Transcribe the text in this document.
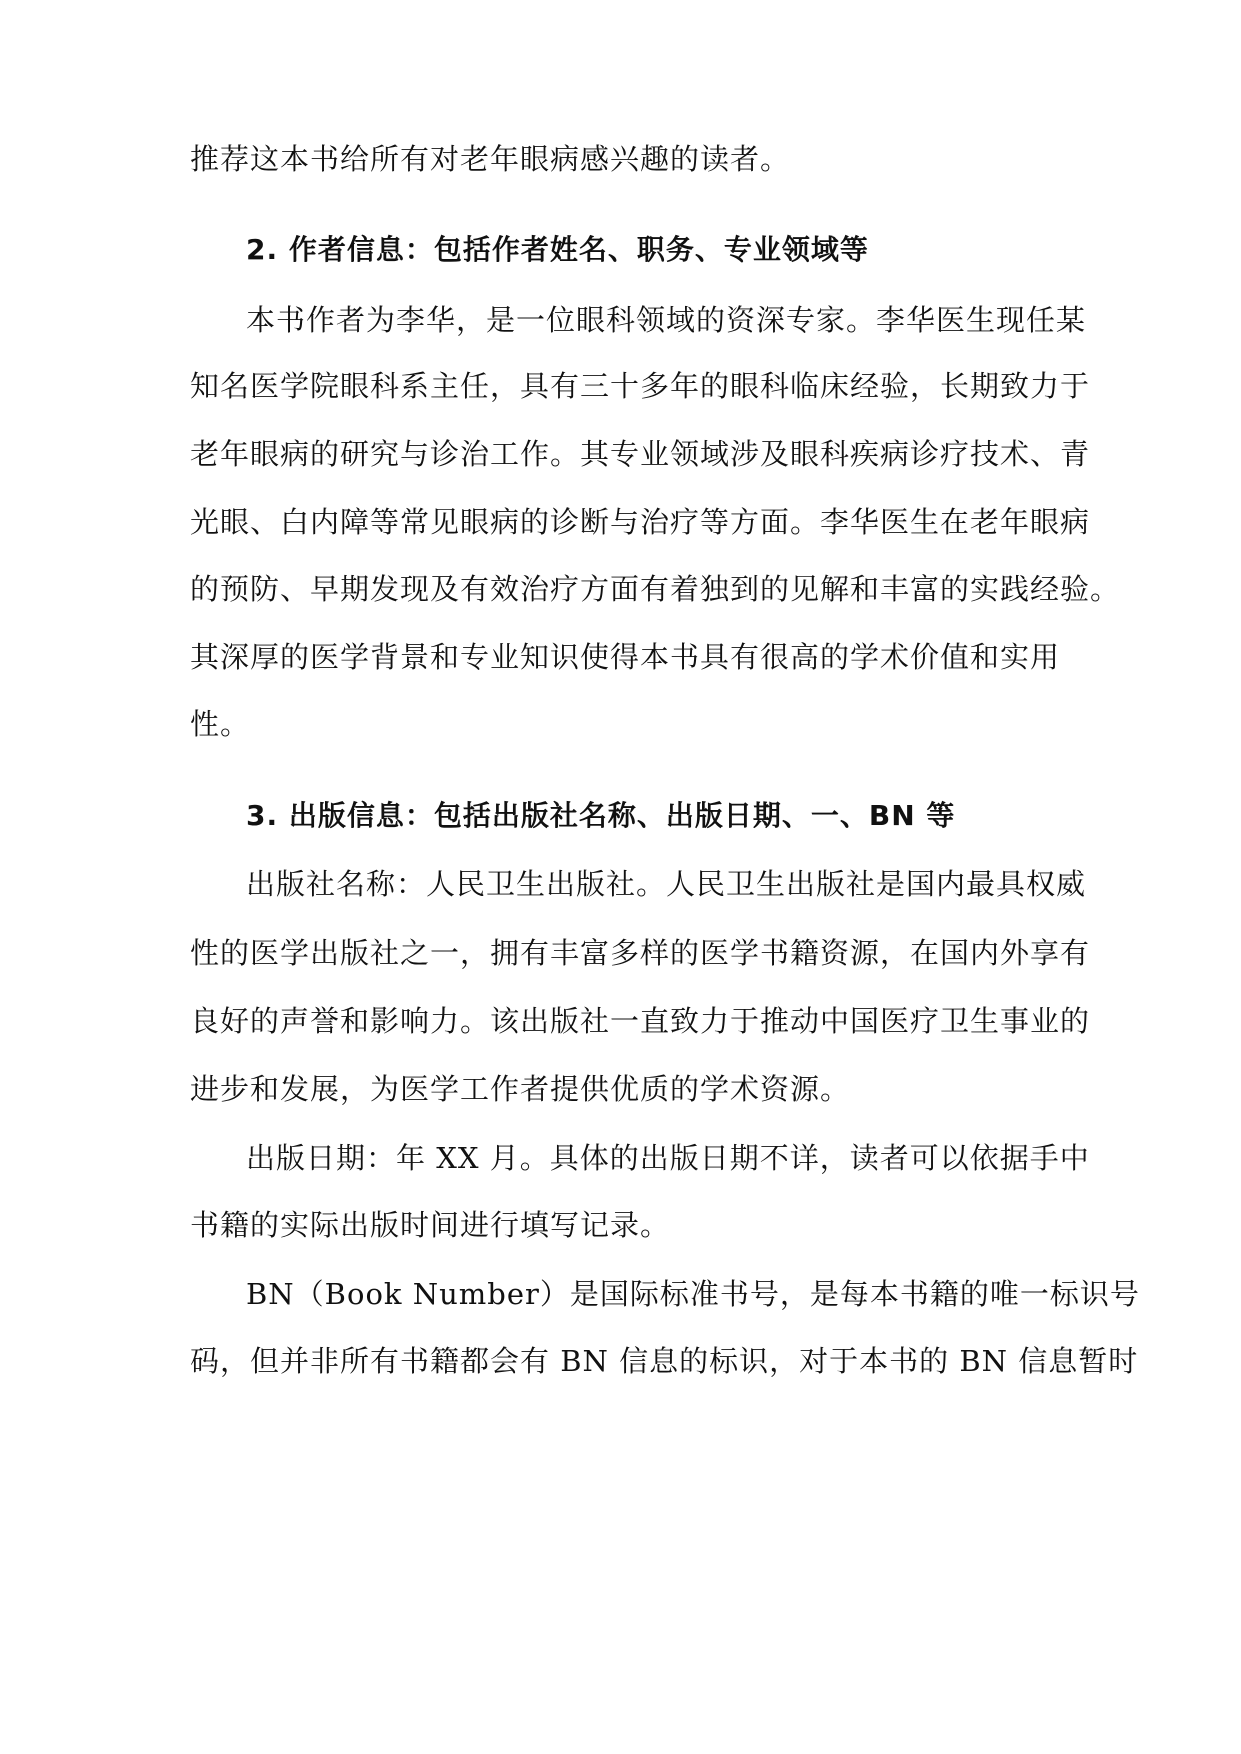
推荐这本书给所有对老年眼病感兴趣的读者。
2. 作者信息：包括作者姓名、职务、专业领域等
本书作者为李华，是一位眼科领域的资深专家。李华医生现任某
知名医学院眼科系主任，具有三十多年的眼科临床经验，长期致力于
老年眼病的研究与诊治工作。其专业领域涉及眼科疾病诊疗技术、青
光眼、白内障等常见眼病的诊断与治疗等方面。李华医生在老年眼病
的预防、早期发现及有效治疗方面有着独到的见解和丰富的实践经验。
其深厚的医学背景和专业知识使得本书具有很高的学术价值和实用
性。
3. 出版信息：包括出版社名称、出版日期、一、BN 等
出版社名称：人民卫生出版社。人民卫生出版社是国内最具权威
性的医学出版社之一，拥有丰富多样的医学书籍资源，在国内外享有
良好的声誉和影响力。该出版社一直致力于推动中国医疗卫生事业的
进步和发展，为医学工作者提供优质的学术资源。
出版日期：年 XX 月。具体的出版日期不详，读者可以依据手中
书籍的实际出版时间进行填写记录。
BN（Book Number）是国际标准书号，是每本书籍的唯一标识号
码，但并非所有书籍都会有 BN 信息的标识，对于本书的 BN 信息暂时
